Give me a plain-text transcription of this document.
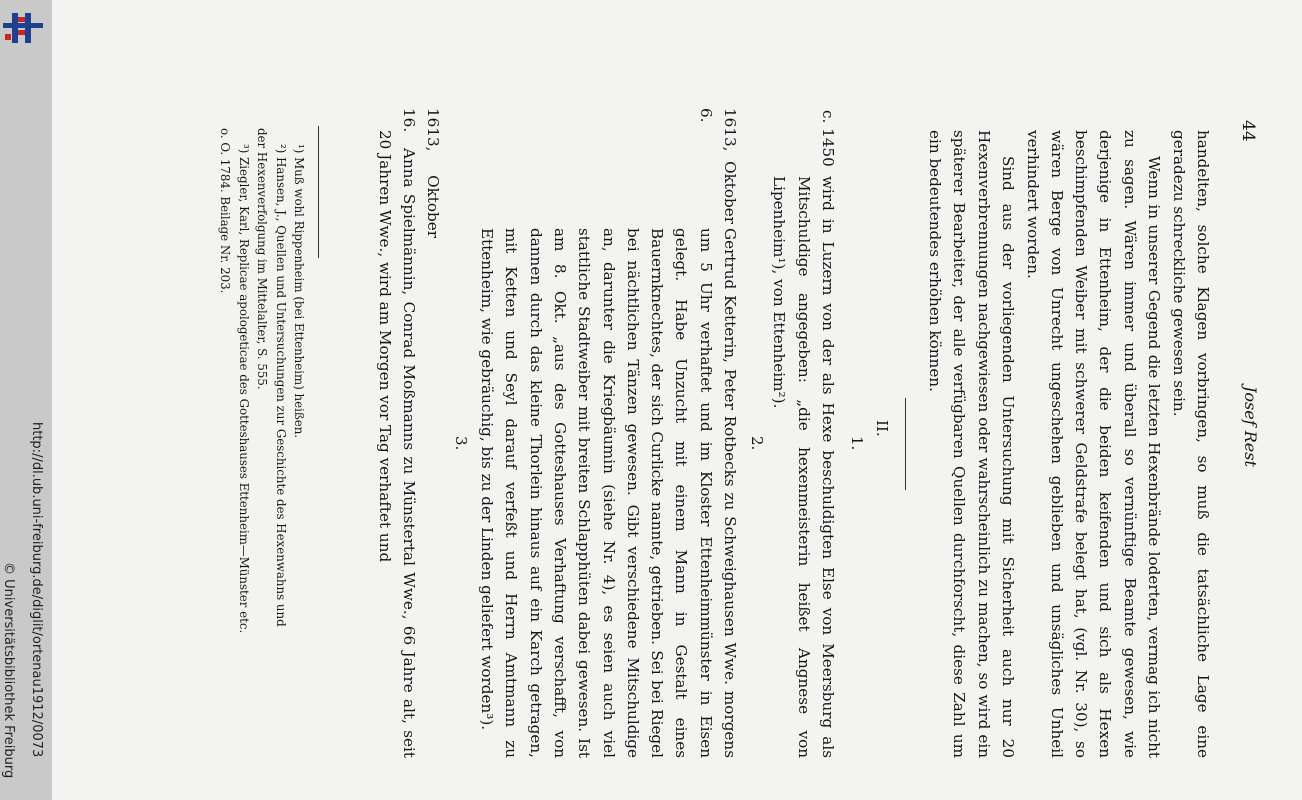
http://dl.ub.uni-freiburg.de/diglit/ortenau1912/0073
© Universitätsbibliothek Freiburg
44
Josef Rest
handelten, solche Klagen vorbringen, so muß die tatsächliche Lage eine geradezu schreckliche gewesen sein.
Wenn in unserer Gegend die letzten Hexenbrände loderten, vermag ich nicht zu sagen. Wären immer und überall so vernünftige Beamte gewesen, wie derjenige in Ettenheim, der die beiden keifenden und sich als Hexen beschimpfenden Weiber mit schwerer Geldstrafe belegt hat, (vgl. Nr. 30), so wären Berge von Unrecht ungeschehen geblieben und unsägliches Unheil verhindert worden.
Sind aus der vorliegenden Untersuchung mit Sicherheit auch nur 20 Hexenverbrennungen nachgewiesen oder wahrscheinlich zu machen, so wird ein späterer Bearbeiter, der alle verfügbaren Quellen durchforscht, diese Zahl um ein bedeutendes erhöhen können.
II.
1.
c. 1450
wird in Luzern von der als Hexe beschuldigten Else von Meersburg als Mitschuldige angegeben: „die hexenmeisterin heißet Angnese von Lipenheim¹), von Ettenheim²).
2.
1613, Oktober 6.
Gertrud Ketterin, Peter Rotbecks zu Schweighausen Wwe. morgens um 5 Uhr verhaftet und im Kloster Ettenheimmünster in Eisen gelegt. Habe Unzucht mit einem Mann in Gestalt eines Bauernknechtes, der sich Curlicke nannte, getrieben. Sei bei Riegel bei nächtlichen Tänzen gewesen. Gibt verschiedene Mitschuldige an, darunter die Kriegbäumin (siehe Nr. 4), es seien auch viel stattliche Stadtweiber mit breiten Schlapphüten dabei gewesen. Ist am 8. Okt. „aus des Gotteshauses Verhaftung verschafft, von dannen durch das kleine Thorlein hinaus auf ein Karch getragen, mit Ketten und Seyl darauf verfeßt und Herrn Amtmann zu Ettenheim, wie gebräuchig, bis zu der Linden geliefert worden³).
3.
1613, Oktober 16.
Anna Spielmännin, Conrad Moßmanns zu Münstertal Wwe., 66 Jahre alt, seit 20 Jahren Wwe., wird am Morgen vor Tag verhaftet und
¹) Muß wohl Rippenheim (bei Ettenheim) heißen.
²) Hansen, J., Quellen und Untersuchungen zur Geschichte des Hexenwahns und
der Hexenverfolgung im Mittelalter, S. 555.
³) Ziegler, Karl, Replicae apologeticae des Gotteshauses Ettenheim—Münster etc.
o. O. 1784. Beilage Nr. 203.
